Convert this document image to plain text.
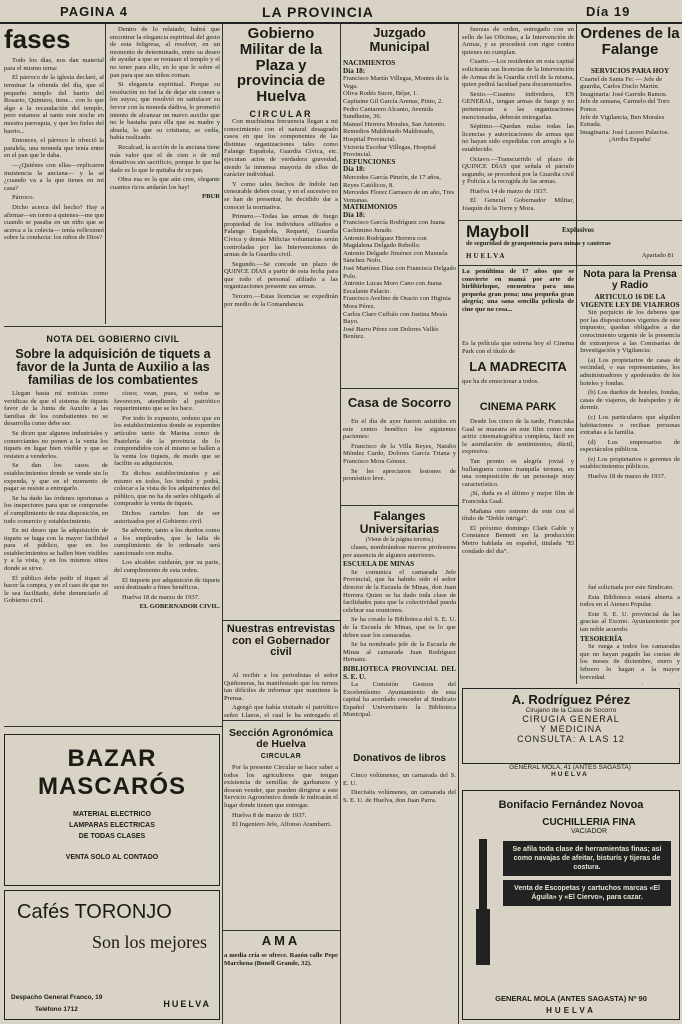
PAGINA 4	LA PROVINCIA	Día 19
fases

Todo los días, nos dan material para el mismo tema:

El párroco de la iglesia declaró, al terminar la ofrenda del día, que el pequeño templo del barrio del Rosario, Quintero, tiene... con lo que algo a la recaudación del templo, pero estamos al tanto este noche en nuestra parroquia, y que los fieles del barrio...

Entonces, el párroco le ofreció la paralela, una moneda que tenía entre en el pan que le daba.

—¿Quiénes con ellas—replicaron insistencia la anciana— y la sé ¿cuando va a la que tienes en mi casa?

Párroco.

Dicho acerca del hecho? Hay a afirmar—en torno a quienes—me que cuando se pasaba en un niño que se acerca a la colecta— tenía reflexionó sobre la conducta: los niños de Dios?

Dentro de lo relatado, habrá que encontrar la elegancia espiritual del gesto de esta feligresa, al resolver, en un momento de determinado, entre su deseo de ayudar a que se restaure el templo y el no tener para ello, en lo que le sobre el pan para que sus niños coman.

Si elegancia espiritual. Porque su resolución no fué la de dejar sin comer a los suyos; que resolvió en satisfacer su fervor con la moneda dádiva, lo prometió intento de alcanzar un nuevo auxilio que no le bastaba para ella que su madre y abuela, lo que su cristiana, se cedía, había realizado.

Recalcad, la acción de la anciana tiene más valor que el de cien o de mil donativos sin sacrificio, porque lo que ha dado es lo que le quitaba de su pan.

Obra esa es la que aún cree, elegante cuantos ricos andarán los hay!

PBUR
NOTA DEL GOBIERNO CIVIL
Sobre la adquisición de tiquets a favor de la Junta de Auxilio a las familias de los combatientes

Llegan hasta mí noticias como verídicas de que el sistema de tiquets favor de la Junta de Auxilio a las familias de los combatientes no se desarrolla como debe ser.

Se dicen que algunos industriales y comerciantes no ponen a la venta los tiquets en lugar bien visible y que se resisten a venderlos.

Se dan los casos de establecimientos donde se vende sin lo expenda, y que en el momento de pagar se resiste a entregarlo.

Se ha dado las órdenes oportunas a los inspectores para que se compruebe el cumplimiento de esta disposición, en todo comercio y establecimiento.

Es mi deseo que la adquisición de tiquets se haga con la mayor facilidad para el público, que en los establecimientos se hallen bien visibles y a la vista, y en los mismos sitios donde se sirve.

El público debe pedir el tiquet al hacer la compra, y en el caso de que no le sea facilitado, debe denunciarlo al Gobierno civil.

cioso; vean, pues, si todos se favorecen, atendiendo al patriótico requerimiento que se les hace.

Por todo lo expuesto, ordeno que en los establecimientos donde se expenden artículos tanto de Marina como de Pastelería de la provincia de lo comprendidos con el mismo se hallen a la venta los tiquets, de modo que se facilite su adquisición.

Es dichos establecimientos y así mismo en todos, los tendrá y podrá, colocar a la vista de los adquirientes del público, que no ha de serles obligado al comprador la venta de tiquets.

Dichos carteles han de ser autorizados por el Gobierno civil.

Se advierte, tanto a los dueños como a los empleados, que la falta de cumplimiento de lo ordenado será sancionado con multa.

Los alcaldes cuidarán, por su parte, del cumplimiento de esta orden.

El importe por adquisición de tiquets será destinado a fines benéficos.

Huelva 18 de marzo de 1937.

EL GOBERNADOR CIVIL.
BAZAR MASCARÓS
MATERIAL ELECTRICO
LAMPARAS ELECTRICAS
DE TODAS CLASES
VENTA SOLO AL CONTADO
Cafés TORONJO
Son los mejores
Despacho General Franco, 19
Teléfono 1712
HUELVA
Gobierno Militar de la Plaza y provincia de Huelva
CIRCULAR

Con muchísima frecuencia llegan a mi conocimiento con el natural desagrado casos en que los componentes de las distintas organizaciones tales como Falange Española, Guardia Cívica, etc. ejecutan actos de verdadera gravedad, siendo la inmensa mayoría de ellos de carácter individual.

Y como tales hechos de índole tan censurable deben cesar, y en el sucesivo no se han de presentar, he decidido dar a conocer la normativa.

Primero.—Todas las armas de fuego propiedad de los individuos afiliados a Falange Española, Requeté, Guardia Cívica y demás Milicias voluntarias serán controladas por las Intervenciones de armas de la Guardia civil.

Segundo.—Se concede un plazo de QUINCE DÍAS a partir de esta fecha para que todo el personal afiliado a las organizaciones presente sus armas.

Tercero.—Estas licencias se expedirán por medio de la Comandancia.

Nuestras entrevistas con el Gobernador civil

Al recibir a los periodistas el señor Quiñoneras, ha manifestado que los turnos tan difíciles de informar que mantiene la Prensa.

Agregó que había visitado el patriótico señor Llanos, el cual le ha entregado el

Sección Agronómica de Huelva
CIRCULAR

Por la presente Circular se hace saber a todos los agricultores que tengan existencia de semillas de garbanzos y desean vender, que pueden dirigirse a este Servicio Agronómico donde le indicarán el lugar donde tienen que entregar.

Huelva 8 de marzo de 1937.

El Ingeniero Jefe, Alfonso Arambarri.

AMA
a media cría se ofrece. Razón calle Pepe Marchena (Bonell Grande, 32).
Juzgado Municipal
NACIMIENTOS
Día 18:
Francisco Martín Villegas, Montes de la Vega.
Oliva Rodés Sucre, Béjar, 1.
Capitaine Gil García Arenas, Pinto, 2.
Pedro Cantarero Alcanto, Avenida Sundheim, 36.
Manuel Herrera Morales, San Antonio.
Remedios Maldonado Maldonado, Hospital Provincial.
Victoria Escobar Villegas, Hospital Provincial.
DEFUNCIONES
Día 18:
Mercedes García Pinzón, de 17 años, Reyes Católicos, 8.
Mercedes Florez Carrasco de un año, Tres Ventanas.
MATRIMONIOS
Día 18:
Francisco García Rodríguez con Juana Cachimino Jurado.
Antonio Rodríguez Herrera con Magdalena Delgado Rebollo.
Antonio Delgado Jiménez con Manuela Sánchez Nofo.
José Martínez Díaz con Francisca Delgado Polo.
Antonio Lucas Moro Cano con Juana Escalante Palacio.
Francisco Avelino de Oracio con Higinia Mora Pérez.
Carlos Claro Cuffalo con Justina Mesía Bayo.
José Barro Pérez con Dolores Vallés Benítez.
Casa de Socorro

En el día de ayer fueron asistidos en este centro benéfico los siguientes pacientes:

Francisco de la Villa Reyes, Natalio Méndez Cardo, Dolores García Triana y Francisco Mora Gómez.

Se les apreciaron lesiones de pronóstico leve.

Falanges Universitarias
(Viene de la página tercera.)

clases, nombrándose nuevos profesores por ausencia de algunos anteriores.

ESCUELA DE MINAS

Se comunica el camarada Jefe Provincial, que ha habido sido el señor director de la Escuela de Minas, don Juan Herrera Quien se ha dado toda clase de facilidades para que la colectividad pueda celebrar sus reuniones.

Se ha creado la Biblioteca del S. E. U. de la Escuela de Minas, que es lo que deben usar los camaradas.

Se ha nombrado jefe de la Escuela de Minas al camarada Juan Rodríguez Hernanz.

BIBLIOTECA PROVINCIAL DEL S. E. U.

La Comisión Gestora del Excelentísimo Ayuntamiento de esta capital ha acordado conceder al Sindicato Español Universitario la Biblioteca Municipal.

Ordenes de la Falange
SERVICIOS PARA HOY
Cuartel de Santa Fe: — Jefe de guardia, Carlos Duclo Martín.
Imaginaria: José Garrido Ramos.
Jefe de semana, Carmelo del Toro Ponce.
Jefe de Vigilancia, Ben Morales Estrada.
Imaginaria: José Lucero Palacios.
¡Arriba España!
Mayboll	Explosivos
de seguridad de granpotencia para minas y canteras
HUELVA	Apartado 81
Nota para la Prensa y Radio
ARTICULO 16 DE LA VIGENTE LEY DE VIAJEROS

Sin perjuicio de los deberes que por las disposiciones vigentes de este impuesto, quedan obligados a dar conocimiento urgente de la presencia de extranjeros a las Comisarías de Investigación y Vigilancia:

(a) Los propietarios de casas de vecindad, o sus representantes, los administradores y apoderados de los hoteles y fondas.

(b) Los dueños de hoteles, fondas, casas de viajeros, de huéspedes y de dormir.

(c) Los particulares que alquilen habitaciones o reciban personas extrañas a la familia.

(d) Los empresarios de espectáculos públicos.

(e) Los propietarios o gerentes de establecimientos públicos.

Huelva 18 de marzo de 1937.

fuerzas de orden, entregado con un sello de las Oficinas, a la Intervención de Armas, y se procederá con rigor contra quienes no cumplan.

Cuarto.—Los residentes en esta capital solicitarán sus licencias de la Intervención de Armas de la Guardia civil de la misma, quien pedirá facultad para documentarlos.

Sexto.—Cuantos individuos, EN GENERAL, tengan armas de fuego y no pertenezcan a las organizaciones mencionadas, deberán entregarlas.

Séptimo.—Quedan nulas todas las licencias y autorizaciones de armas que no hayan sido expedidas con arreglo a lo establecido.

Octavo.—Transcurrido el plazo de QUINCE DÍAS que señala el párrafo segundo, se procederá por la Guardia civil y Policía a la recogida de las armas.

Huelva 14 de marzo de 1937.

El General Gobernador Militar, Joaquín de la Torre y Mora.

La penúltima de 17 años que se convierte en mamá por arte de birlibirloque, encuentra para una pequeña gran pena; una pequeña gran alegría; una sana sencilla película de cine que no cesa...
Es la película que estrena hoy el Cinema Park con el título de
LA MADRECITA
que ha de emocionar a todos.
CINEMA PARK

Desde los cinco de la tarde, Franciska Gaal se muestra en este film como una actriz cinematográfica completa, fácil en la asimilación de sentimientos, dúctil, expresiva.

Tan pronto es alegría jovial y bullanguera como tranquila ternura, en una composición de un personaje muy característico.

¡Sí, duda es el último y mejor film de Franciska Gaal.

Mañana otro estreno de este con el título de "Doble intriga".

El próximo domingo Clark Gable y Constance Bennett en la producción Metro hablada en español, titulada "El condado del dia".

fué solicitada por este Sindicato.

Esta Biblioteca estará abierta a todos en el Ateneo Popular.

Este S. E. U. provincial da las gracias al Excmo. Ayuntamiento por tan noble acuerdo.

TESORERÍA

Se ruega a todos los camaradas que no hayan pagado las cuotas de los meses de diciembre, enero y febrero lo hagan a la mayor brevedad.

A. Rodríguez Pérez
Cirujano de la Casa de Socorro
CIRUGIA GENERAL
Y MEDICINA
CONSULTA: A LAS 12
GENERAL MOLA, 41 (ANTES SAGASTA)
HUELVA
Bonifacio Fernández Novoa
CUCHILLERIA FINA
VACIADOR
Se afila toda clase de herramientas finas; así como navajas de afeitar, bisturís y tijeras de costura.
Venta de Escopetas y cartuchos marcas «El Águila» y «El Ciervo», para cazar.
GENERAL MOLA (ANTES SAGASTA) Nº 90
HUELVA
Donativos de libros

Cinco volúmenes, un camarada del S. E. U.

Dieciséis volúmenes, un camarada del S. E. U. de Huelva, don Juan Parra.
